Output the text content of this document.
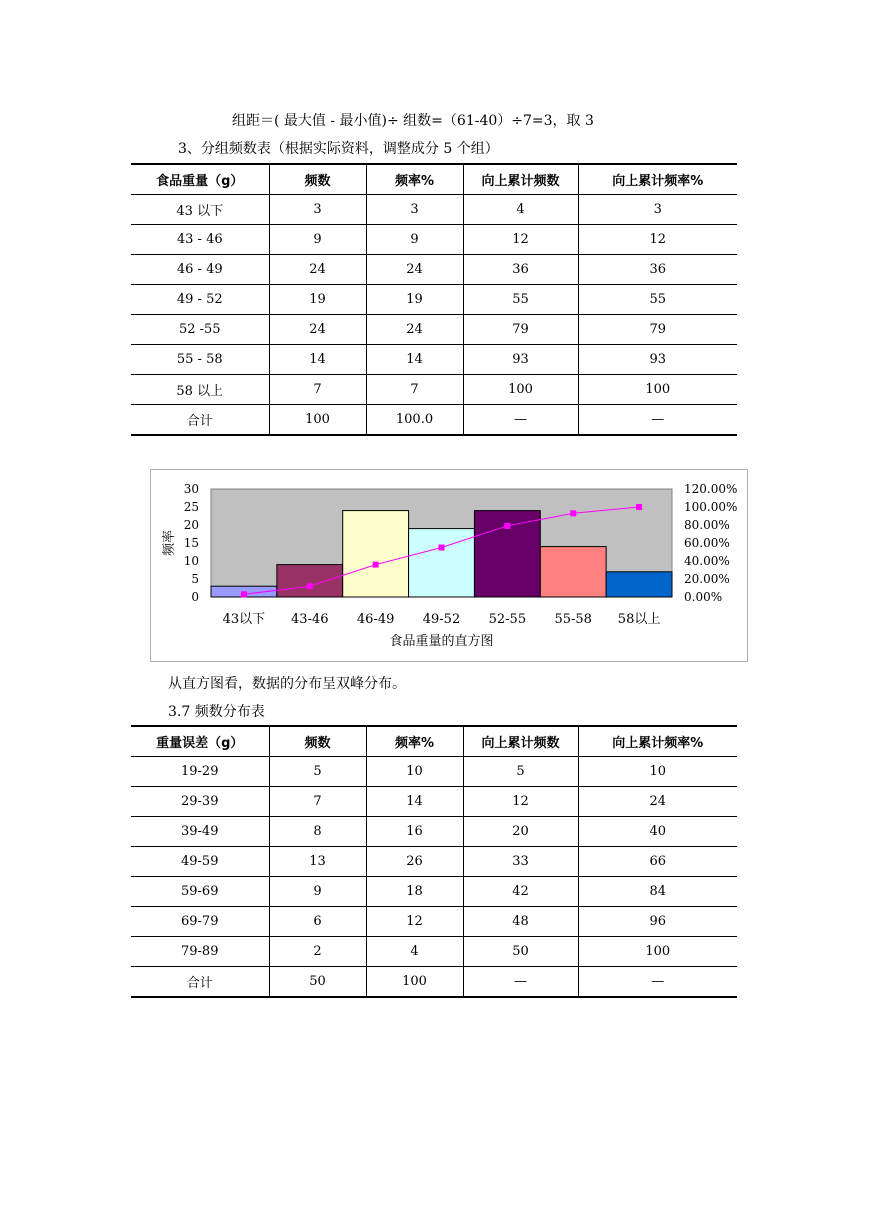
组距＝( 最大值 - 最小值)÷ 组数=（61-40）÷7=3，取 3
3、分组频数表（根据实际资料，调整成分 5 个组）
食品重量（g）	频数	频率%	向上累计频数	向上累计频率%
43 以下	3	3	4	3
43 - 46	9	9	12	12
46 - 49	24	24	36	36
49 - 52	19	19	55	55
52 -55	24	24	79	79
55 - 58	14	14	93	93
58 以上	7	7	100	100
合计	100	100.0	—	—
0
5
10
15
20
25
30
0.00%
20.00%
40.00%
60.00%
80.00%
100.00%
120.00%
43以下 43-46 46-49 49-52 52-55 55-58 58以上
食品重量的直方图
频率
从直方图看，数据的分布呈双峰分布。
3.7 频数分布表
重量误差（g）	频数	频率%	向上累计频数	向上累计频率%
19-29	5	10	5	10
29-39	7	14	12	24
39-49	8	16	20	40
49-59	13	26	33	66
59-69	9	18	42	84
69-79	6	12	48	96
79-89	2	4	50	100
合计	50	100	—	—
